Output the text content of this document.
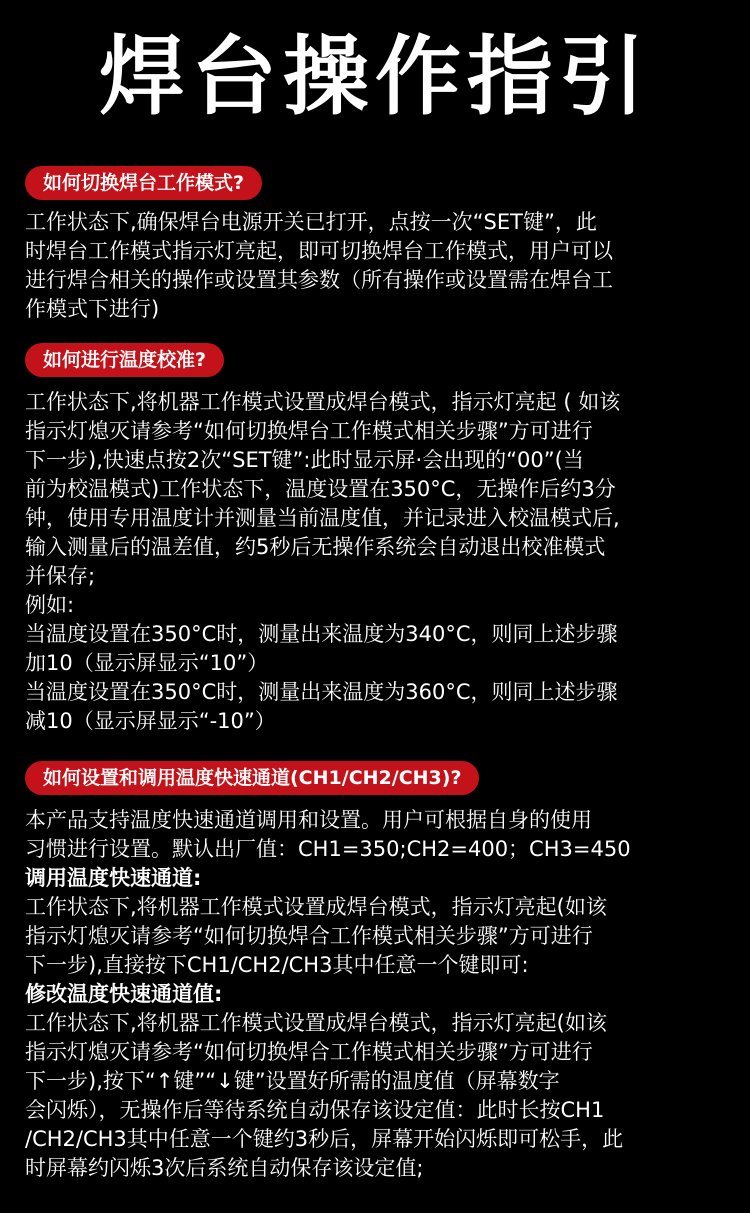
焊台操作指引
如何切换焊台工作模式?
工作状态下,确保焊台电源开关已打开，点按一次“SET键”，此
时焊台工作模式指示灯亮起，即可切换焊台工作模式，用户可以
进行焊合相关的操作或设置其参数（所有操作或设置需在焊台工
作模式下进行)
如何进行温度校准?
工作状态下,将机器工作模式设置成焊台模式，指示灯亮起 ( 如该
指示灯熄灭请参考“如何切换焊台工作模式相关步骤”方可进行
下一步),快速点按2次“SET键”:此时显示屏·会出现的“00”(当
前为校温模式)工作状态下，温度设置在350°C，无操作后约3分
钟，使用专用温度计并测量当前温度值，并记录进入校温模式后,
输入测量后的温差值，约5秒后无操作系统会自动退出校准模式
并保存;
例如:
当温度设置在350°C时，测量出来温度为340°C，则同上述步骤
加10（显示屏显示“10”）
当温度设置在350°C时，测量出来温度为360°C，则同上述步骤
减10（显示屏显示“-10”）
如何设置和调用温度快速通道(CH1/CH2/CH3)?
本产品支持温度快速通道调用和设置。用户可根据自身的使用
习惯进行设置。默认出厂值：CH1=350;CH2=400；CH3=450
调用温度快速通道:
工作状态下,将机器工作模式设置成焊台模式，指示灯亮起(如该
指示灯熄灭请参考“如何切换焊合工作模式相关步骤”方可进行
下一步),直接按下CH1/CH2/CH3其中任意一个键即可:
修改温度快速通道值:
工作状态下,将机器工作模式设置成焊台模式，指示灯亮起(如该
指示灯熄灭请参考“如何切换焊合工作模式相关步骤”方可进行
下一步),按下“↑键”“↓键”设置好所需的温度值（屏幕数字
会闪烁），无操作后等待系统自动保存该设定值：此时长按CH1
/CH2/CH3其中任意一个键约3秒后，屏幕开始闪烁即可松手，此
时屏幕约闪烁3次后系统自动保存该设定值;
